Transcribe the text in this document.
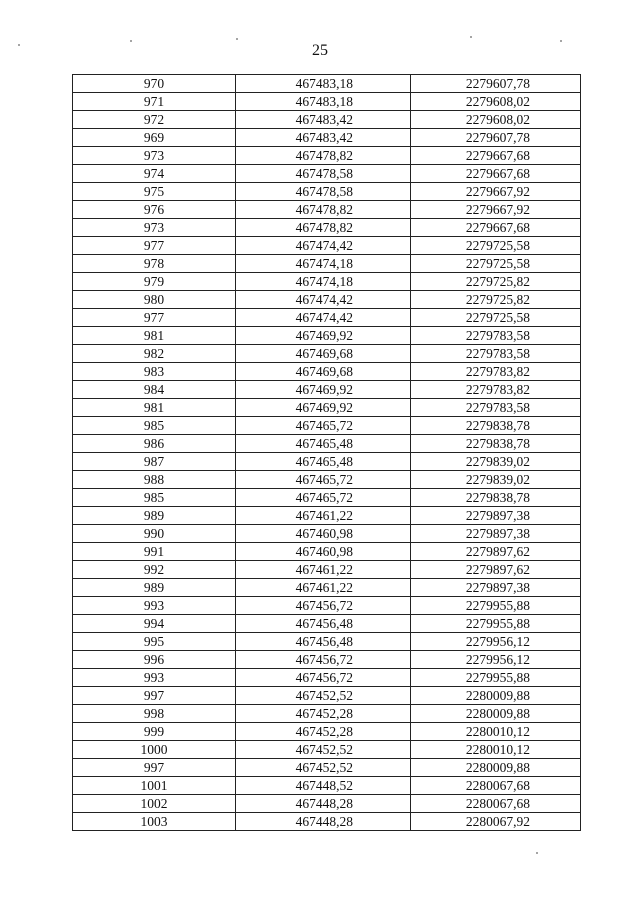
25
970	467483,18	2279607,78
971	467483,18	2279608,02
972	467483,42	2279608,02
969	467483,42	2279607,78
973	467478,82	2279667,68
974	467478,58	2279667,68
975	467478,58	2279667,92
976	467478,82	2279667,92
973	467478,82	2279667,68
977	467474,42	2279725,58
978	467474,18	2279725,58
979	467474,18	2279725,82
980	467474,42	2279725,82
977	467474,42	2279725,58
981	467469,92	2279783,58
982	467469,68	2279783,58
983	467469,68	2279783,82
984	467469,92	2279783,82
981	467469,92	2279783,58
985	467465,72	2279838,78
986	467465,48	2279838,78
987	467465,48	2279839,02
988	467465,72	2279839,02
985	467465,72	2279838,78
989	467461,22	2279897,38
990	467460,98	2279897,38
991	467460,98	2279897,62
992	467461,22	2279897,62
989	467461,22	2279897,38
993	467456,72	2279955,88
994	467456,48	2279955,88
995	467456,48	2279956,12
996	467456,72	2279956,12
993	467456,72	2279955,88
997	467452,52	2280009,88
998	467452,28	2280009,88
999	467452,28	2280010,12
1000	467452,52	2280010,12
997	467452,52	2280009,88
1001	467448,52	2280067,68
1002	467448,28	2280067,68
1003	467448,28	2280067,92
